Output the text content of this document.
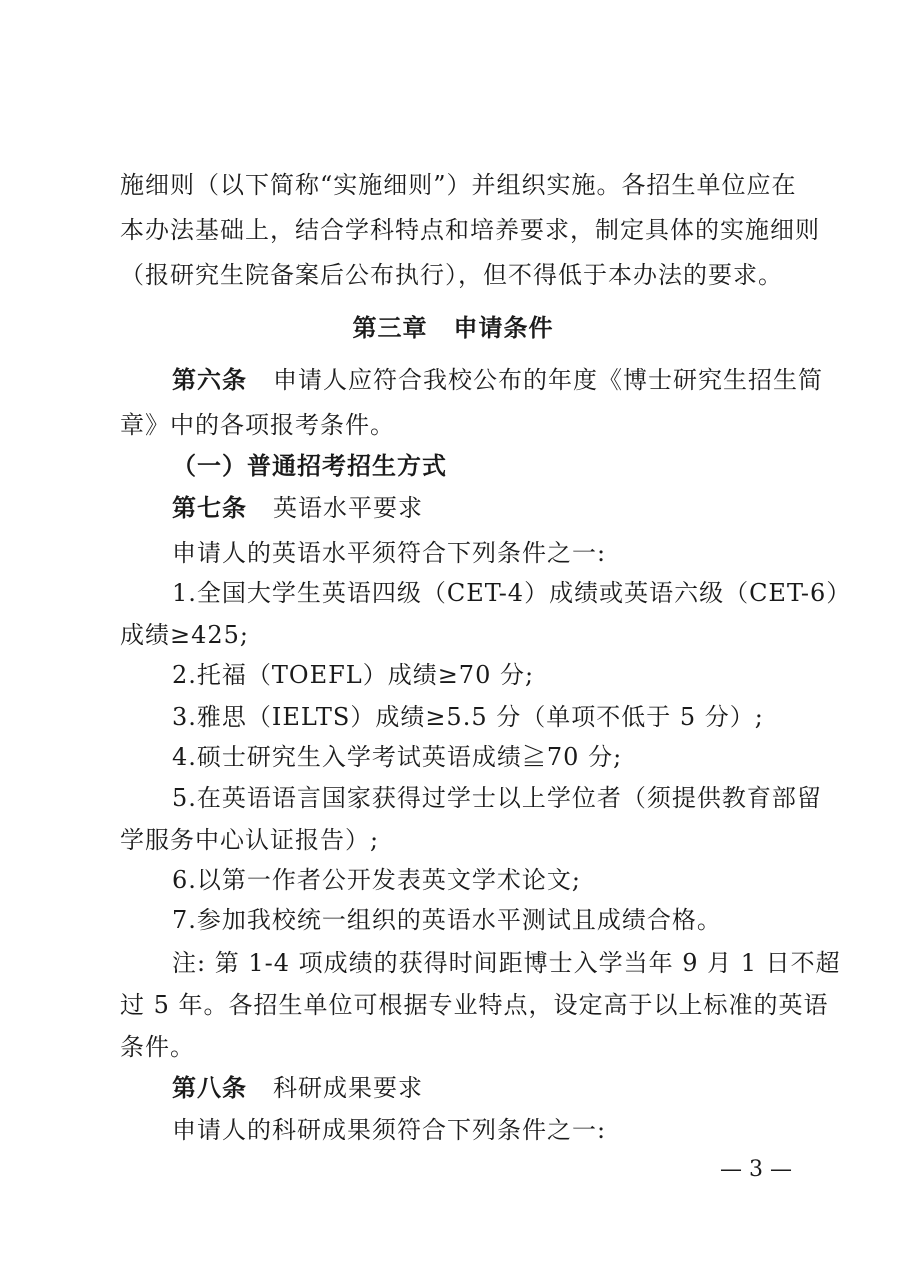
施细则（以下简称“实施细则”）并组织实施。各招生单位应在
本办法基础上，结合学科特点和培养要求，制定具体的实施细则
（报研究生院备案后公布执行），但不得低于本办法的要求。
第三章 申请条件
第六条 申请人应符合我校公布的年度《博士研究生招生简
章》中的各项报考条件。
（一）普通招考招生方式
第七条 英语水平要求
申请人的英语水平须符合下列条件之一:
1.全国大学生英语四级（CET-4）成绩或英语六级（CET-6）
成绩≥425;
2.托福（TOEFL）成绩≥70 分;
3.雅思（IELTS）成绩≥5.5 分（单项不低于 5 分）;
4.硕士研究生入学考试英语成绩≧70 分;
5.在英语语言国家获得过学士以上学位者（须提供教育部留
学服务中心认证报告）;
6.以第一作者公开发表英文学术论文;
7.参加我校统一组织的英语水平测试且成绩合格。
注: 第 1-4 项成绩的获得时间距博士入学当年 9 月 1 日不超
过 5 年。各招生单位可根据专业特点，设定高于以上标准的英语
条件。
第八条 科研成果要求
申请人的科研成果须符合下列条件之一:
— 3 —
